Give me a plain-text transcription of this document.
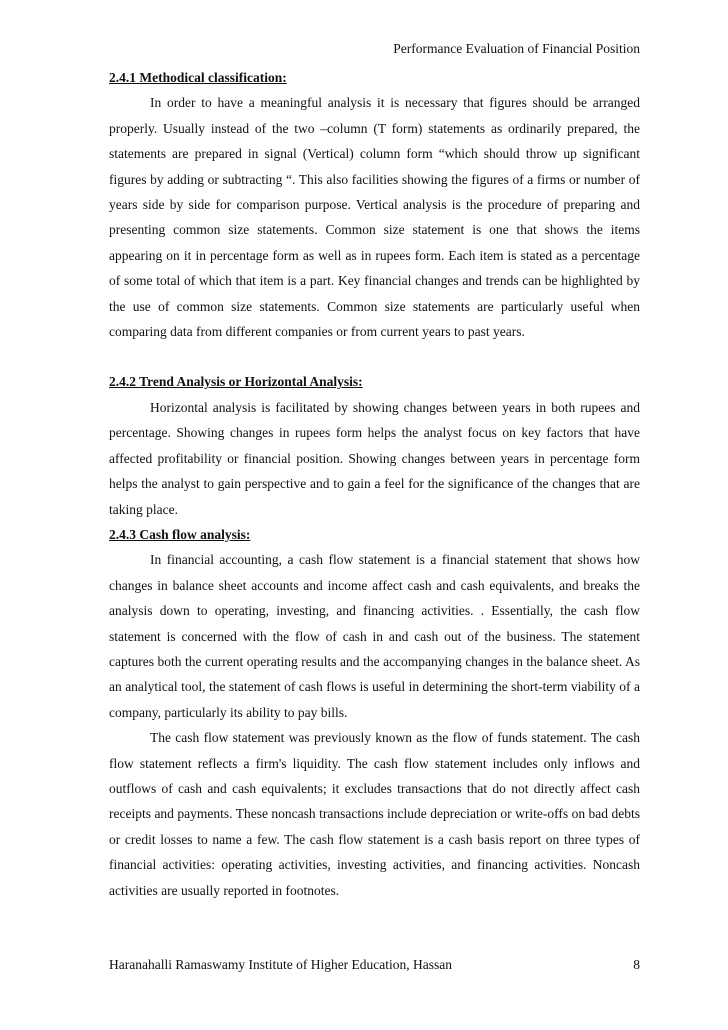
Performance Evaluation of Financial Position

2.4.1 Methodical classification:

In order to have a meaningful analysis it is necessary that figures should be arranged properly. Usually instead of the two –column (T form) statements as ordinarily prepared, the statements are prepared in signal (Vertical) column form “which should throw up significant figures by adding or subtracting “. This also facilities showing the figures of a firms or number of years side by side for comparison purpose. Vertical analysis is the procedure of preparing and presenting common size statements. Common size statement is one that shows the items appearing on it in percentage form as well as in rupees form. Each item is stated as a percentage of some total of which that item is a part. Key financial changes and trends can be highlighted by the use of common size statements. Common size statements are particularly useful when comparing data from different companies or from current years to past years.

2.4.2 Trend Analysis or Horizontal Analysis:

Horizontal analysis is facilitated by showing changes between years in both rupees and percentage. Showing changes in rupees form helps the analyst focus on key factors that have affected profitability or financial position. Showing changes between years in percentage form helps the analyst to gain perspective and to gain a feel for the significance of the changes that are taking place.

2.4.3 Cash flow analysis:

In financial accounting, a cash flow statement is a financial statement that shows how changes in balance sheet accounts and income affect cash and cash equivalents, and breaks the analysis down to operating, investing, and financing activities. . Essentially, the cash flow statement is concerned with the flow of cash in and cash out of the business. The statement captures both the current operating results and the accompanying changes in the balance sheet. As an analytical tool, the statement of cash flows is useful in determining the short-term viability of a company, particularly its ability to pay bills.

The cash flow statement was previously known as the flow of funds statement. The cash flow statement reflects a firm's liquidity. The cash flow statement includes only inflows and outflows of cash and cash equivalents; it excludes transactions that do not directly affect cash receipts and payments. These noncash transactions include depreciation or write-offs on bad debts or credit losses to name a few. The cash flow statement is a cash basis report on three types of financial activities: operating activities, investing activities, and financing activities. Noncash activities are usually reported in footnotes.

Haranahalli Ramaswamy Institute of Higher Education, Hassan	8
